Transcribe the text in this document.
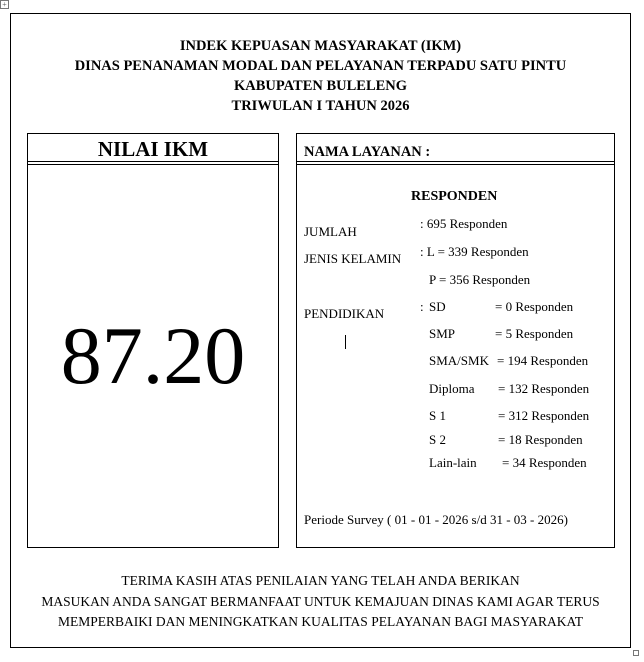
+
INDEK KEPUASAN MASYARAKAT (IKM)
DINAS PENANAMAN MODAL DAN PELAYANAN TERPADU SATU PINTU
KABUPATEN BULELENG
TRIWULAN I TAHUN 2026
NILAI IKM
87.20
NAMA LAYANAN :
RESPONDEN
JUMLAH
: 695 Responden
JENIS KELAMIN : L = 339 Responden
P = 356 Responden
PENDIDIKAN	: SD	= 0 Responden
SMP	= 5 Responden
SMA/SMK = 194 Responden
Diploma = 132 Responden
S 1	= 312 Responden
S 2	= 18 Responden
Lain-lain = 34 Responden
Periode Survey ( 01 - 01 - 2026 s/d 31 - 03 - 2026)
TERIMA KASIH ATAS PENILAIAN YANG TELAH ANDA BERIKAN
MASUKAN ANDA SANGAT BERMANFAAT UNTUK KEMAJUAN DINAS KAMI AGAR TERUS
MEMPERBAIKI DAN MENINGKATKAN KUALITAS PELAYANAN BAGI MASYARAKAT
